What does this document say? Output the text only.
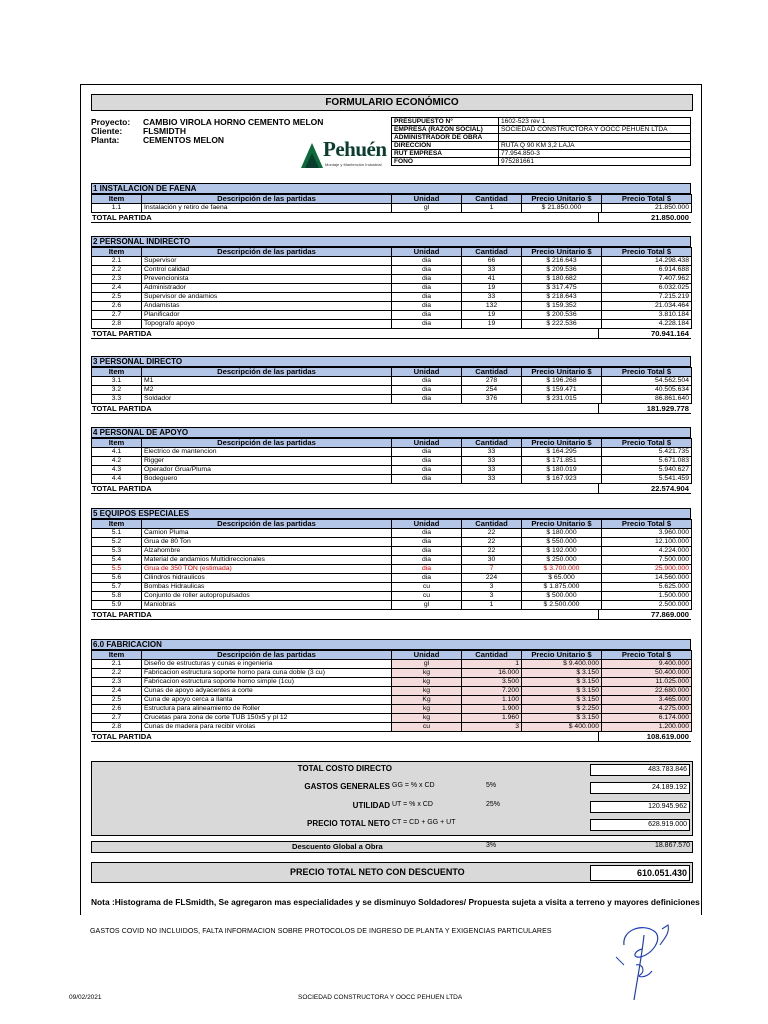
FORMULARIO ECONÓMICO
Proyecto:	CAMBIO VIROLA HORNO CEMENTO MELON
Cliente:	FLSMIDTH
Planta:	CEMENTOS MELON	Pehuén
Montaje y Mantención Industrial
PRESUPUESTO N°	1602-523 rev 1
EMPRESA (RAZON SOCIAL)	SOCIEDAD CONSTRUCTORA Y OOCC PEHUEN LTDA
ADMINISTRADOR DE OBRA	
DIRECCION	RUTA Q 90 KM 3,2 LAJA
RUT EMPRESA	77.954.850-3
FONO	975281661
1 INSTALACION DE FAENA
Item	Descripción de las partidas	Unidad	Cantidad	Precio Unitario $	Precio Total $
1.1	Instalación y retiro de faena	gl	1	$ 21.850.000	21.850.000
TOTAL PARTIDA	21.850.000
2 PERSONAL INDIRECTO
Item	Descripción de las partidas	Unidad	Cantidad	Precio Unitario $	Precio Total $
2.1	Supervisor	dia	66	$ 216.643	14.298.438
2.2	Control calidad	dia	33	$ 209.536	6.914.688
2.3	Prevencionista	dia	41	$ 180.682	7.407.962
2.4	Administrador	dia	19	$ 317.475	6.032.025
2.5	Supervisor de andamios	dia	33	$ 218.643	7.215.219
2.6	Andamistas	dia	132	$ 159.352	21.034.464
2.7	Planificador	dia	19	$ 200.536	3.810.184
2.8	Topografo apoyo	dia	19	$ 222.536	4.228.184
TOTAL PARTIDA	70.941.164
3 PERSONAL DIRECTO
Item	Descripción de las partidas	Unidad	Cantidad	Precio Unitario $	Precio Total $
3.1	M1	dia	278	$ 196.268	54.562.504
3.2	M2	dia	254	$ 159.471	40.505.634
3.3	Soldador	dia	376	$ 231.015	86.861.640
TOTAL PARTIDA	181.929.778
4 PERSONAL DE APOYO
Item	Descripción de las partidas	Unidad	Cantidad	Precio Unitario $	Precio Total $
4.1	Electrico de mantencion	dia	33	$ 164.295	5.421.735
4.2	Rigger	dia	33	$ 171.851	5.671.083
4.3	Operador Grua/Pluma	dia	33	$ 180.019	5.940.627
4.4	Bodeguero	dia	33	$ 167.923	5.541.459
TOTAL PARTIDA	22.574.904
5 EQUIPOS ESPECIALES
Item	Descripción de las partidas	Unidad	Cantidad	Precio Unitario $	Precio Total $
5.1	Camion Pluma	dia	22	$ 180.000	3.960.000
5.2	Grua de 80 Ton	dia	22	$ 550.000	12.100.000
5.3	Alzahombre	dia	22	$ 192.000	4.224.000
5.4	Material de andamios Multidireccionales	dia	30	$ 250.000	7.500.000
5.5	Grua de 350 TON (estimada)	dia	7	$ 3.700.000	25.900.000
5.6	Cilindros hidraulicos	dia	224	$ 65.000	14.560.000
5.7	Bombas Hidraulicas	cu	3	$ 1.875.000	5.625.000
5.8	Conjunto de roller autopropulsados	cu	3	$ 500.000	1.500.000
5.9	Maniobras	gl	1	$ 2.500.000	2.500.000
TOTAL PARTIDA	77.869.000
6.0 FABRICACION
Item	Descripción de las partidas	Unidad	Cantidad	Precio Unitario $	Precio Total $
2.1	Diseño de estructuras y cunas e ingenieria	gl	1	$ 9.400.000	9.400.000
2.2	Fabricacion estructura soporte horno para cuna doble (3 cu)	kg	16.000	$ 3.150	50.400.000
2.3	Fabricacion estructura soporte horno simple (1cu)	kg	3.500	$ 3.150	11.025.000
2.4	Cunas de apoyo adyacentes a corte	kg	7.200	$ 3.150	22.680.000
2.5	Cuna de apoyo cerca a llanta	Kg	1.100	$ 3.150	3.465.000
2.6	Estructura para alineamiento de Roller	kg	1.900	$ 2.250	4.275.000
2.7	Crucetas para zona de corte TUB 150x5 y pl 12	kg	1.960	$ 3.150	6.174.000
2.8	Cunas de madera para recibir virolas	cu	3	$ 400.000	1.200.000
TOTAL PARTIDA	108.619.000
TOTAL COSTO DIRECTO	483.783.846
GASTOS GENERALES GG = % x CD	5%	24.189.192
UTILIDAD UT = % x CD	25%	120.945.962
PRECIO TOTAL NETO CT = CD + GG + UT	628.919.000
Descuento Global a Obra	3%	18.867.570
PRECIO TOTAL NETO CON DESCUENTO	610.051.430
Nota :Histograma de FLSmidth, Se agregaron mas especialidades y se disminuyo Soldadores/ Propuesta sujeta a visita a terreno y mayores definiciones
GASTOS COVID NO INCLUIDOS, FALTA INFORMACION SOBRE PROTOCOLOS DE INGRESO DE PLANTA Y EXIGENCIAS PARTICULARES
09/02/2021	SOCIEDAD CONSTRUCTORA Y OOCC PEHUEN LTDA
